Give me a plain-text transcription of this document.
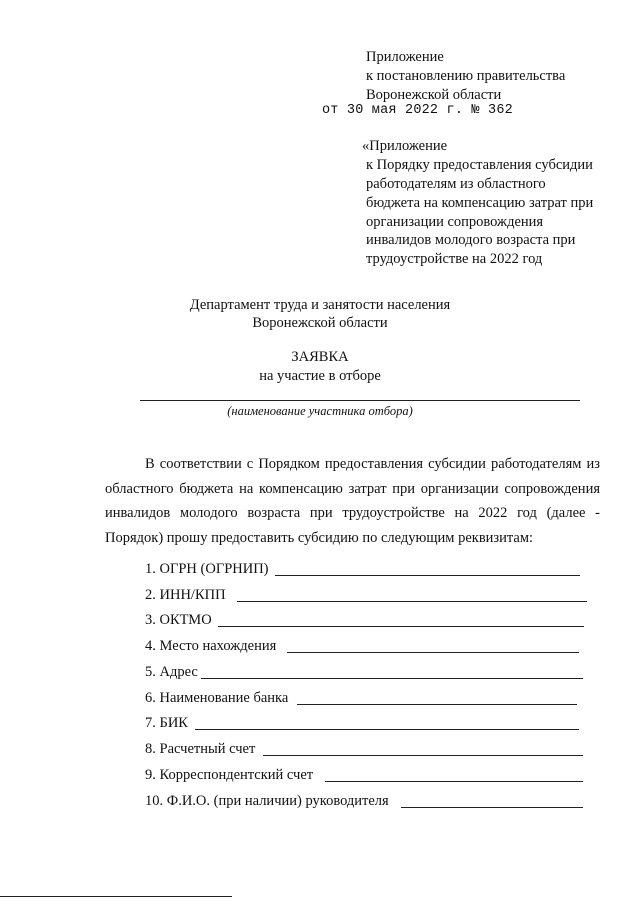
Приложение
к постановлению правительства
Воронежской области
от 30 мая 2022 г. № 362
«Приложение
к Порядку предоставления субсидии
работодателям из областного
бюджета на компенсацию затрат при
организации сопровождения
инвалидов молодого возраста при
трудоустройстве на 2022 год
Департамент труда и занятости населения
Воронежской области
ЗАЯВКА
на участие в отборе
(наименование участника отбора)

В соответствии с Порядком предоставления субсидии работодателям из областного бюджета на компенсацию затрат при организации сопровождения инвалидов молодого возраста при трудоустройстве на 2022 год (далее - Порядок) прошу предоставить субсидию по следующим реквизитам:

1. ОГРН (ОГРНИП)
2. ИНН/КПП
3. ОКТМО
4. Место нахождения
5. Адрес
6. Наименование банка
7. БИК
8. Расчетный счет
9. Корреспондентский счет
10. Ф.И.О. (при наличии) руководителя
